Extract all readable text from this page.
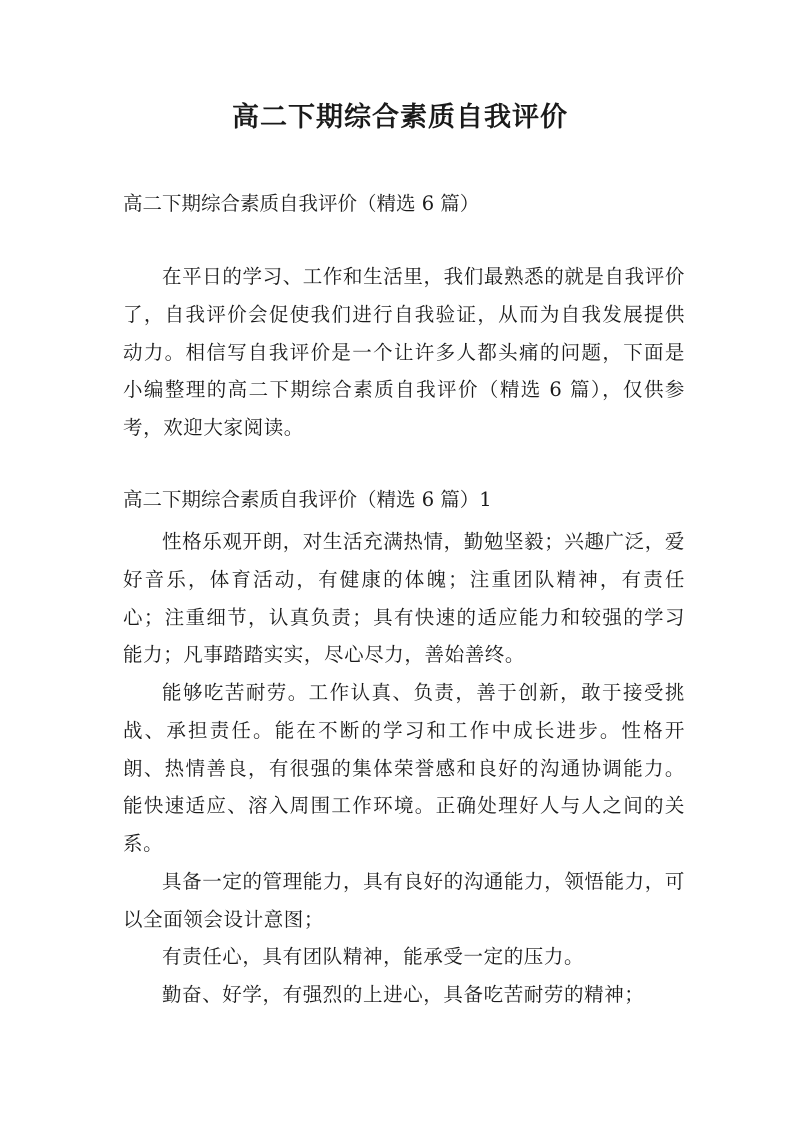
高二下期综合素质自我评价

高二下期综合素质自我评价（精选 6 篇）

在平日的学习、工作和生活里，我们最熟悉的就是自我评价了，自我评价会促使我们进行自我验证，从而为自我发展提供动力。相信写自我评价是一个让许多人都头痛的问题，下面是小编整理的高二下期综合素质自我评价（精选 6 篇），仅供参考，欢迎大家阅读。

高二下期综合素质自我评价（精选 6 篇）1

性格乐观开朗，对生活充满热情，勤勉坚毅；兴趣广泛，爱好音乐，体育活动，有健康的体魄；注重团队精神，有责任心；注重细节，认真负责；具有快速的适应能力和较强的学习能力；凡事踏踏实实，尽心尽力，善始善终。

能够吃苦耐劳。工作认真、负责，善于创新，敢于接受挑战、承担责任。能在不断的学习和工作中成长进步。性格开朗、热情善良，有很强的集体荣誉感和良好的沟通协调能力。能快速适应、溶入周围工作环境。正确处理好人与人之间的关系。

具备一定的管理能力，具有良好的沟通能力，领悟能力，可以全面领会设计意图；

有责任心，具有团队精神，能承受一定的压力。

勤奋、好学，有强烈的上进心，具备吃苦耐劳的精神；
